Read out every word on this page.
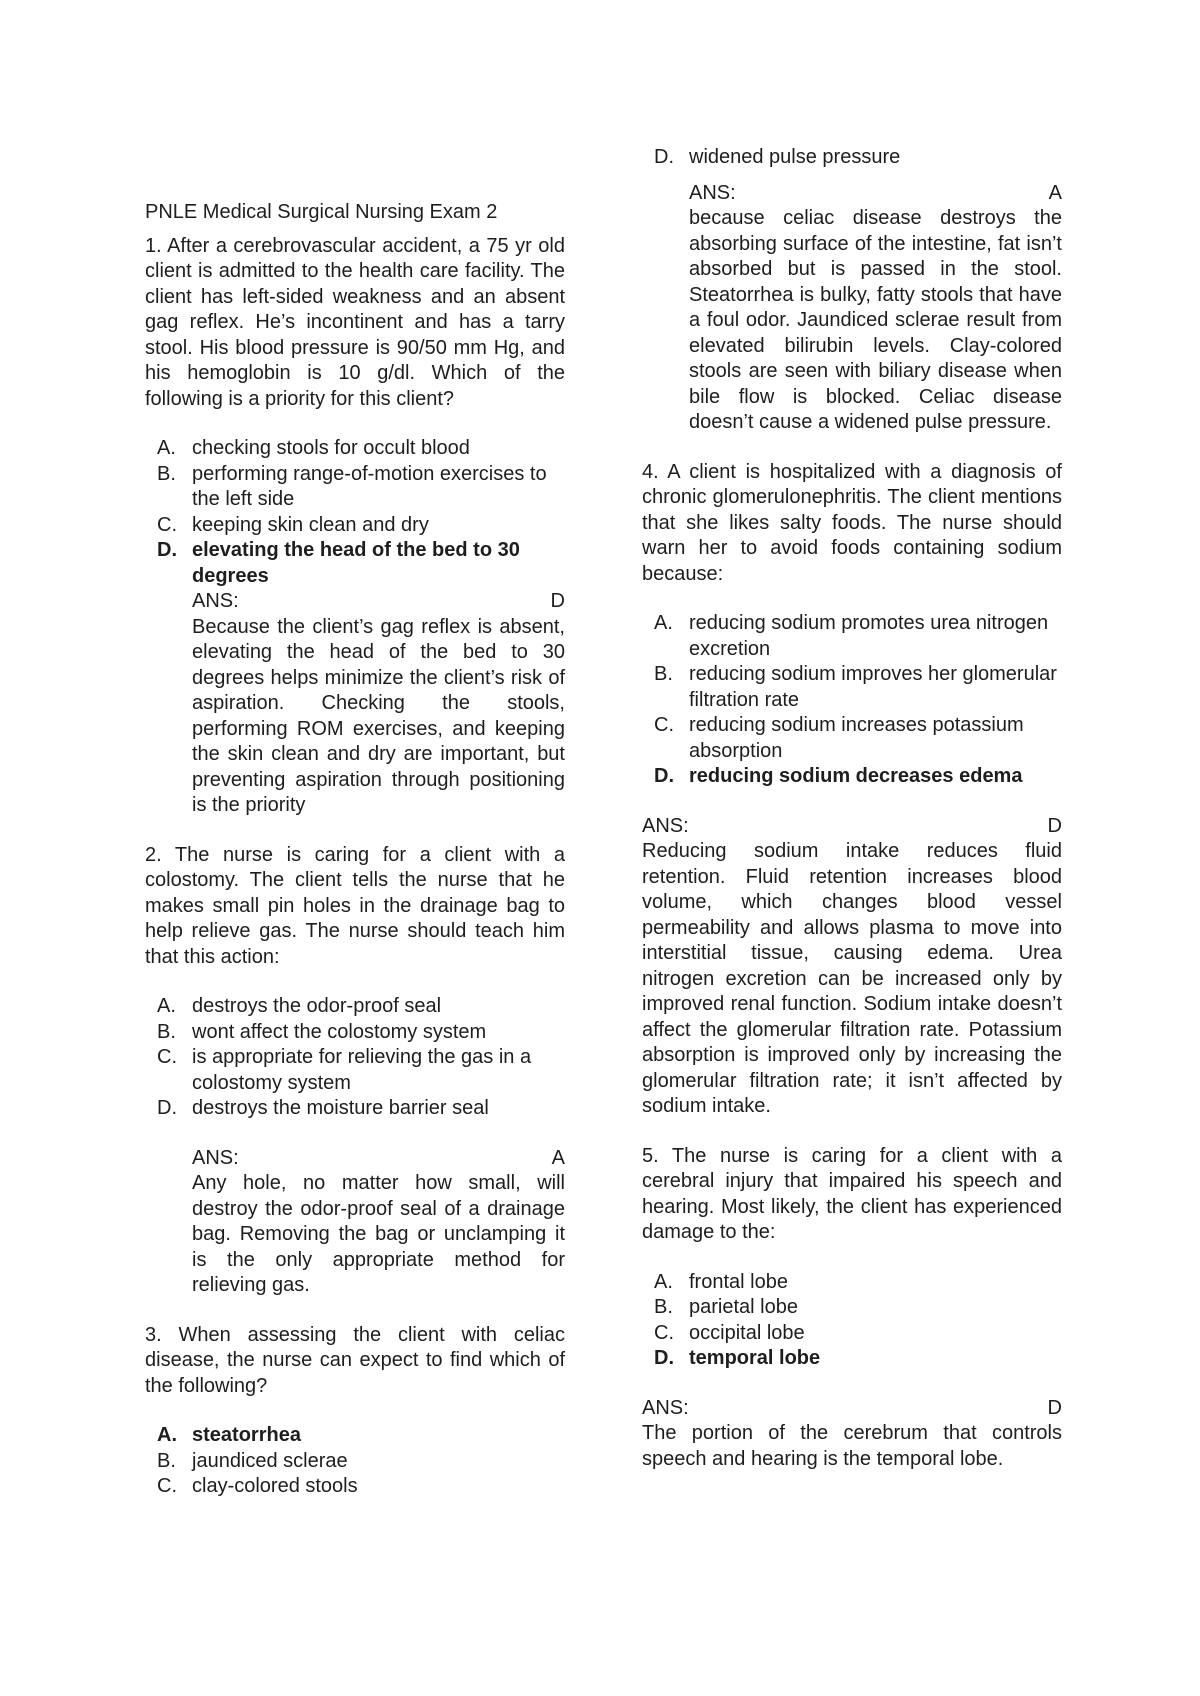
PNLE Medical Surgical Nursing Exam 2

1. After a cerebrovascular accident, a 75 yr old client is admitted to the health care facility. The client has left-sided weakness and an absent gag reflex. He’s incontinent and has a tarry stool. His blood pressure is 90/50 mm Hg, and his hemoglobin is 10 g/dl. Which of the following is a priority for this client?

A. checking stools for occult blood
B. performing range-of-motion exercises to the left side
C. keeping skin clean and dry
D. elevating the head of the bed to 30 degrees
ANS:	D

Because the client’s gag reflex is absent, elevating the head of the bed to 30 degrees helps minimize the client’s risk of aspiration. Checking the stools, performing ROM exercises, and keeping the skin clean and dry are important, but preventing aspiration through positioning is the priority

2. The nurse is caring for a client with a colostomy. The client tells the nurse that he makes small pin holes in the drainage bag to help relieve gas. The nurse should teach him that this action:

A. destroys the odor-proof seal
B. wont affect the colostomy system
C. is appropriate for relieving the gas in a colostomy system
D. destroys the moisture barrier seal
ANS:	A

Any hole, no matter how small, will destroy the odor-proof seal of a drainage bag. Removing the bag or unclamping it is the only appropriate method for relieving gas.

3. When assessing the client with celiac disease, the nurse can expect to find which of the following?

A. steatorrhea
B. jaundiced sclerae
C. clay-colored stools
D. widened pulse pressure
ANS:	A

because celiac disease destroys the absorbing surface of the intestine, fat isn’t absorbed but is passed in the stool. Steatorrhea is bulky, fatty stools that have a foul odor. Jaundiced sclerae result from elevated bilirubin levels. Clay-colored stools are seen with biliary disease when bile flow is blocked. Celiac disease doesn’t cause a widened pulse pressure.

4. A client is hospitalized with a diagnosis of chronic glomerulonephritis. The client mentions that she likes salty foods. The nurse should warn her to avoid foods containing sodium because:

A. reducing sodium promotes urea nitrogen excretion
B. reducing sodium improves her glomerular filtration rate
C. reducing sodium increases potassium absorption
D. reducing sodium decreases edema
ANS:	D

Reducing sodium intake reduces fluid retention. Fluid retention increases blood volume, which changes blood vessel permeability and allows plasma to move into interstitial tissue, causing edema. Urea nitrogen excretion can be increased only by improved renal function. Sodium intake doesn’t affect the glomerular filtration rate. Potassium absorption is improved only by increasing the glomerular filtration rate; it isn’t affected by sodium intake.

5. The nurse is caring for a client with a cerebral injury that impaired his speech and hearing. Most likely, the client has experienced damage to the:

A. frontal lobe
B. parietal lobe
C. occipital lobe
D. temporal lobe
ANS:	D

The portion of the cerebrum that controls speech and hearing is the temporal lobe.
